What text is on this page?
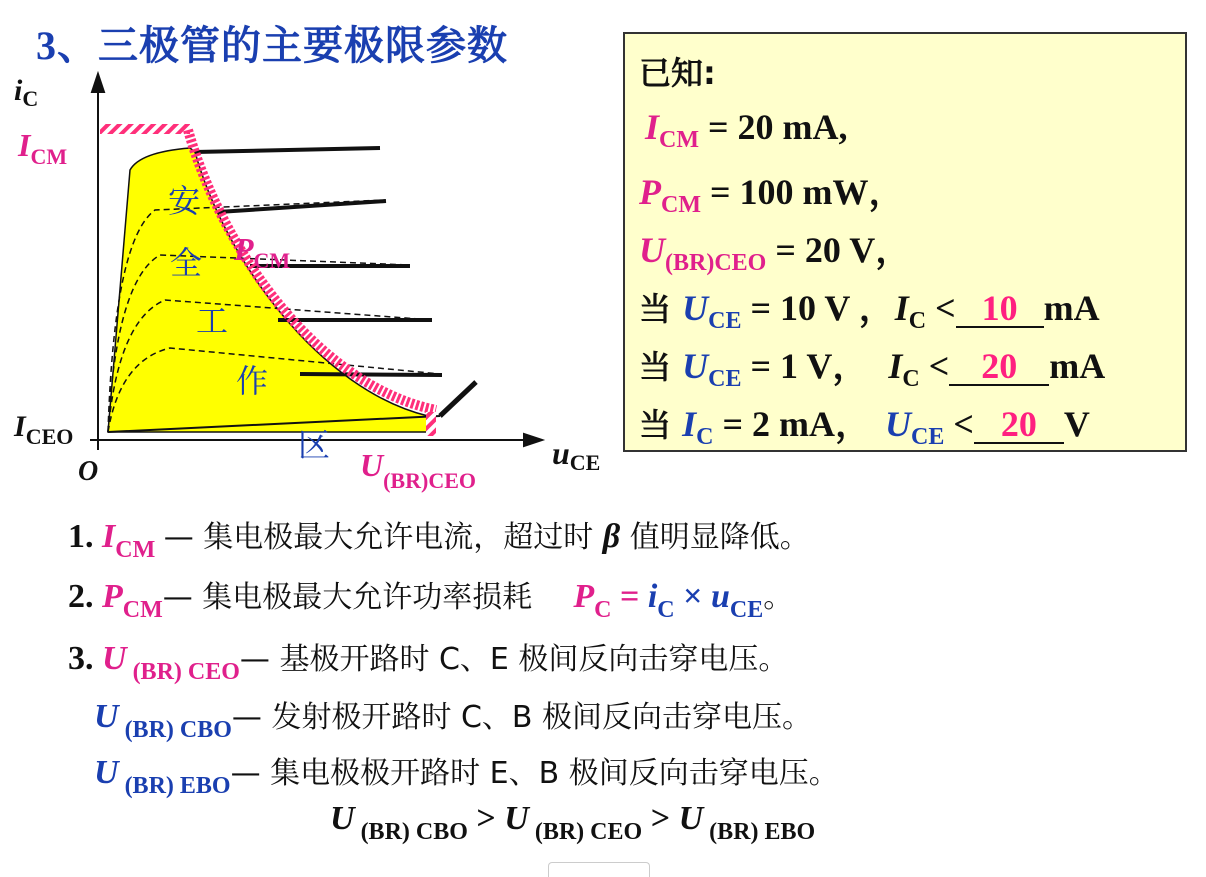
3、三极管的主要极限参数
$i_C$
uCE
O
$I_{CM}$
$I_{CEO}$
$P_{CM}$
$U_{(BR)CEO}$
安
全
工
作
区
已知:
$I_{CM} = 20$ mA,
$P_{CM} = 100$ mW，
$U_{(BR)CEO} = 20$ V，
当 $U_{CE} = 10$ V ，$I_C < 10$ mA
当 $U_{CE} = 1$ V， $I_C < 20$ mA
当 $I_C = 2$ mA， $U_{CE} < 20$ V
1. $I_{CM}$ — 集电极最大允许电流，超过时 β 值明显降低。
2. $P_{CM}—$ 集电极最大允许功率损耗 $P_C = i_C \times u_{CE}$。
3. U $_{(BR) CEO}$— 基极开路时 C、E 极间反向击穿电压。
U $_{(BR) CBO}$— 发射极开路时 C、B 极间反向击穿电压。
U $_{(BR) EBO}$— 集电极极开路时 E、B 极间反向击穿电压。
U $_{(BR) CBO}$ > U $_{(BR) CEO}$ > U $_{(BR) EBO}$
